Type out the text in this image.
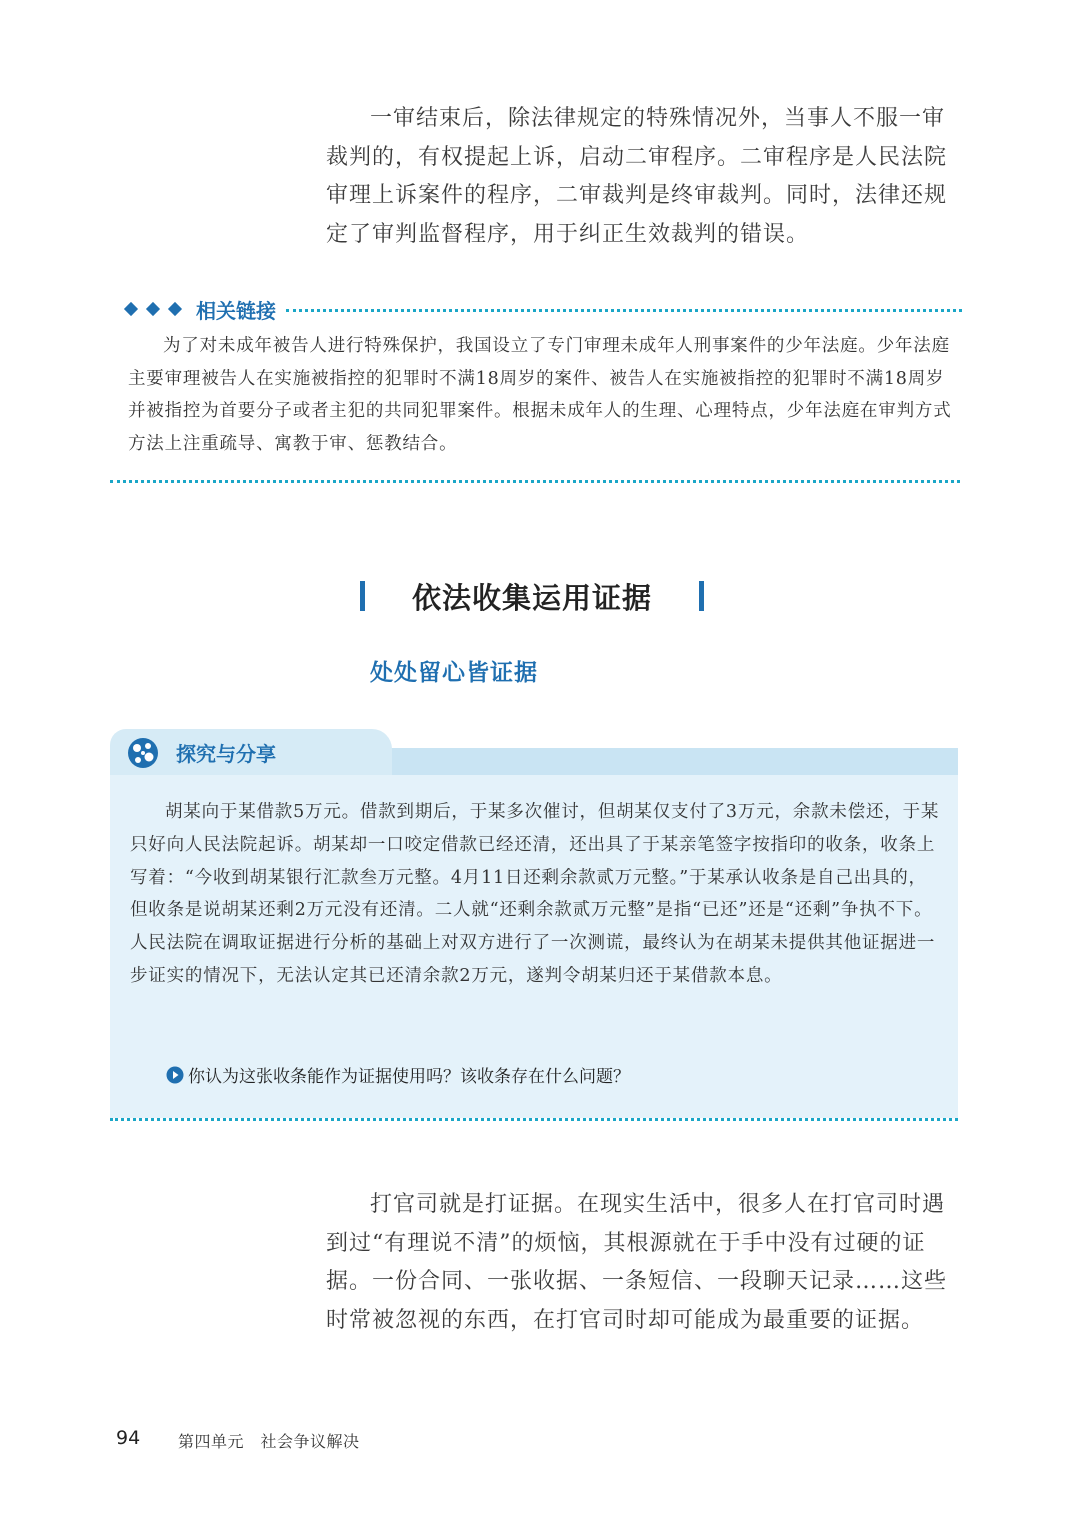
一审结束后，除法律规定的特殊情况外，当事人不服一审裁判的，有权提起上诉，启动二审程序。二审程序是人民法院审理上诉案件的程序，二审裁判是终审裁判。同时，法律还规定了审判监督程序，用于纠正生效裁判的错误。

相关链接

为了对未成年被告人进行特殊保护，我国设立了专门审理未成年人刑事案件的少年法庭。少年法庭主要审理被告人在实施被指控的犯罪时不满18周岁的案件、被告人在实施被指控的犯罪时不满18周岁并被指控为首要分子或者主犯的共同犯罪案件。根据未成年人的生理、心理特点，少年法庭在审判方式方法上注重疏导、寓教于审、惩教结合。

依法收集运用证据
处处留心皆证据
探究与分享

胡某向于某借款5万元。借款到期后，于某多次催讨，但胡某仅支付了3万元，余款未偿还，于某只好向人民法院起诉。胡某却一口咬定借款已经还清，还出具了于某亲笔签字按指印的收条，收条上写着：“今收到胡某银行汇款叁万元整。4月11日还剩余款贰万元整。”于某承认收条是自己出具的，但收条是说胡某还剩2万元没有还清。二人就“还剩余款贰万元整”是指“已还”还是“还剩”争执不下。人民法院在调取证据进行分析的基础上对双方进行了一次测谎，最终认为在胡某未提供其他证据进一步证实的情况下，无法认定其已还清余款2万元，遂判令胡某归还于某借款本息。

你认为这张收条能作为证据使用吗？该收条存在什么问题？

打官司就是打证据。在现实生活中，很多人在打官司时遇到过“有理说不清”的烦恼，其根源就在于手中没有过硬的证据。一份合同、一张收据、一条短信、一段聊天记录……这些时常被忽视的东西，在打官司时却可能成为最重要的证据。

94 第四单元　社会争议解决
